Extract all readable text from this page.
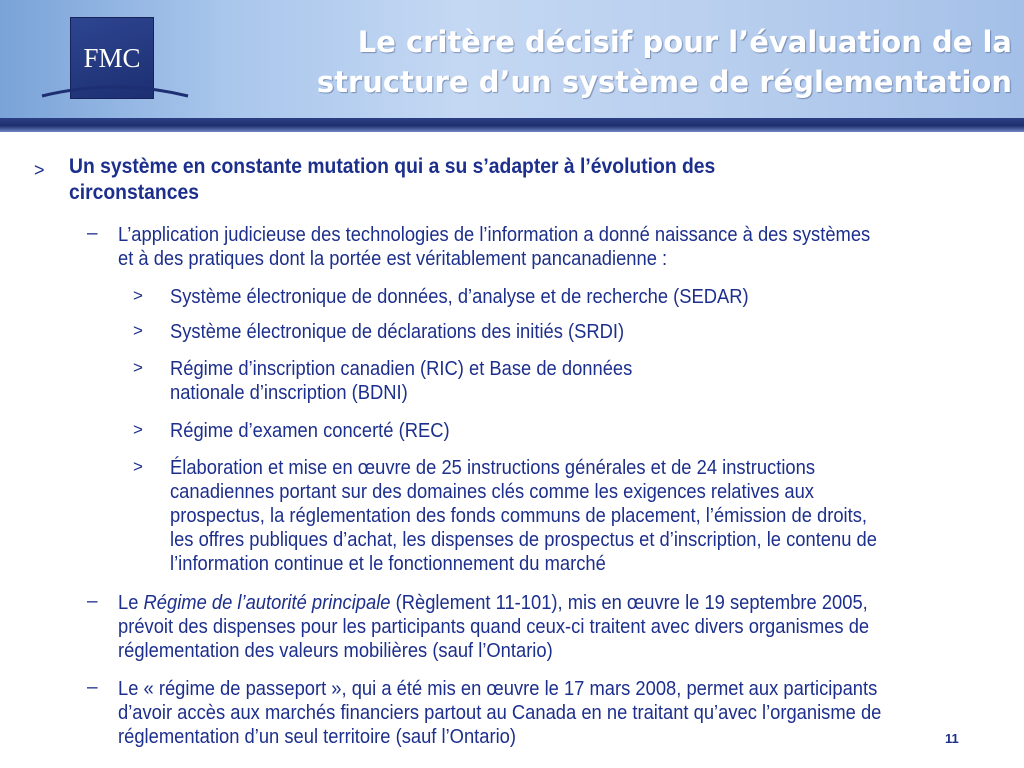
FMC	Le critère décisif pour l’évaluation de la
structure d’un système de réglementation
> Un système en constante mutation qui a su s’adapter à l’évolution des
circonstances
– L’application judicieuse des technologies de l’information a donné naissance à des systèmes
et à des pratiques dont la portée est véritablement pancanadienne :
> Système électronique de données, d’analyse et de recherche (SEDAR)
> Système électronique de déclarations des initiés (SRDI)
> Régime d’inscription canadien (RIC) et Base de données
nationale d’inscription (BDNI)
> Régime d’examen concerté (REC)
> Élaboration et mise en œuvre de 25 instructions générales et de 24 instructions
canadiennes portant sur des domaines clés comme les exigences relatives aux
prospectus, la réglementation des fonds communs de placement, l’émission de droits,
les offres publiques d’achat, les dispenses de prospectus et d’inscription, le contenu de
l’information continue et le fonctionnement du marché
– Le Régime de l’autorité principale (Règlement 11-101), mis en œuvre le 19 septembre 2005,
prévoit des dispenses pour les participants quand ceux-ci traitent avec divers organismes de
réglementation des valeurs mobilières (sauf l’Ontario)
– Le « régime de passeport », qui a été mis en œuvre le 17 mars 2008, permet aux participants
d’avoir accès aux marchés financiers partout au Canada en ne traitant qu’avec l’organisme de
réglementation d’un seul territoire (sauf l’Ontario)	11
